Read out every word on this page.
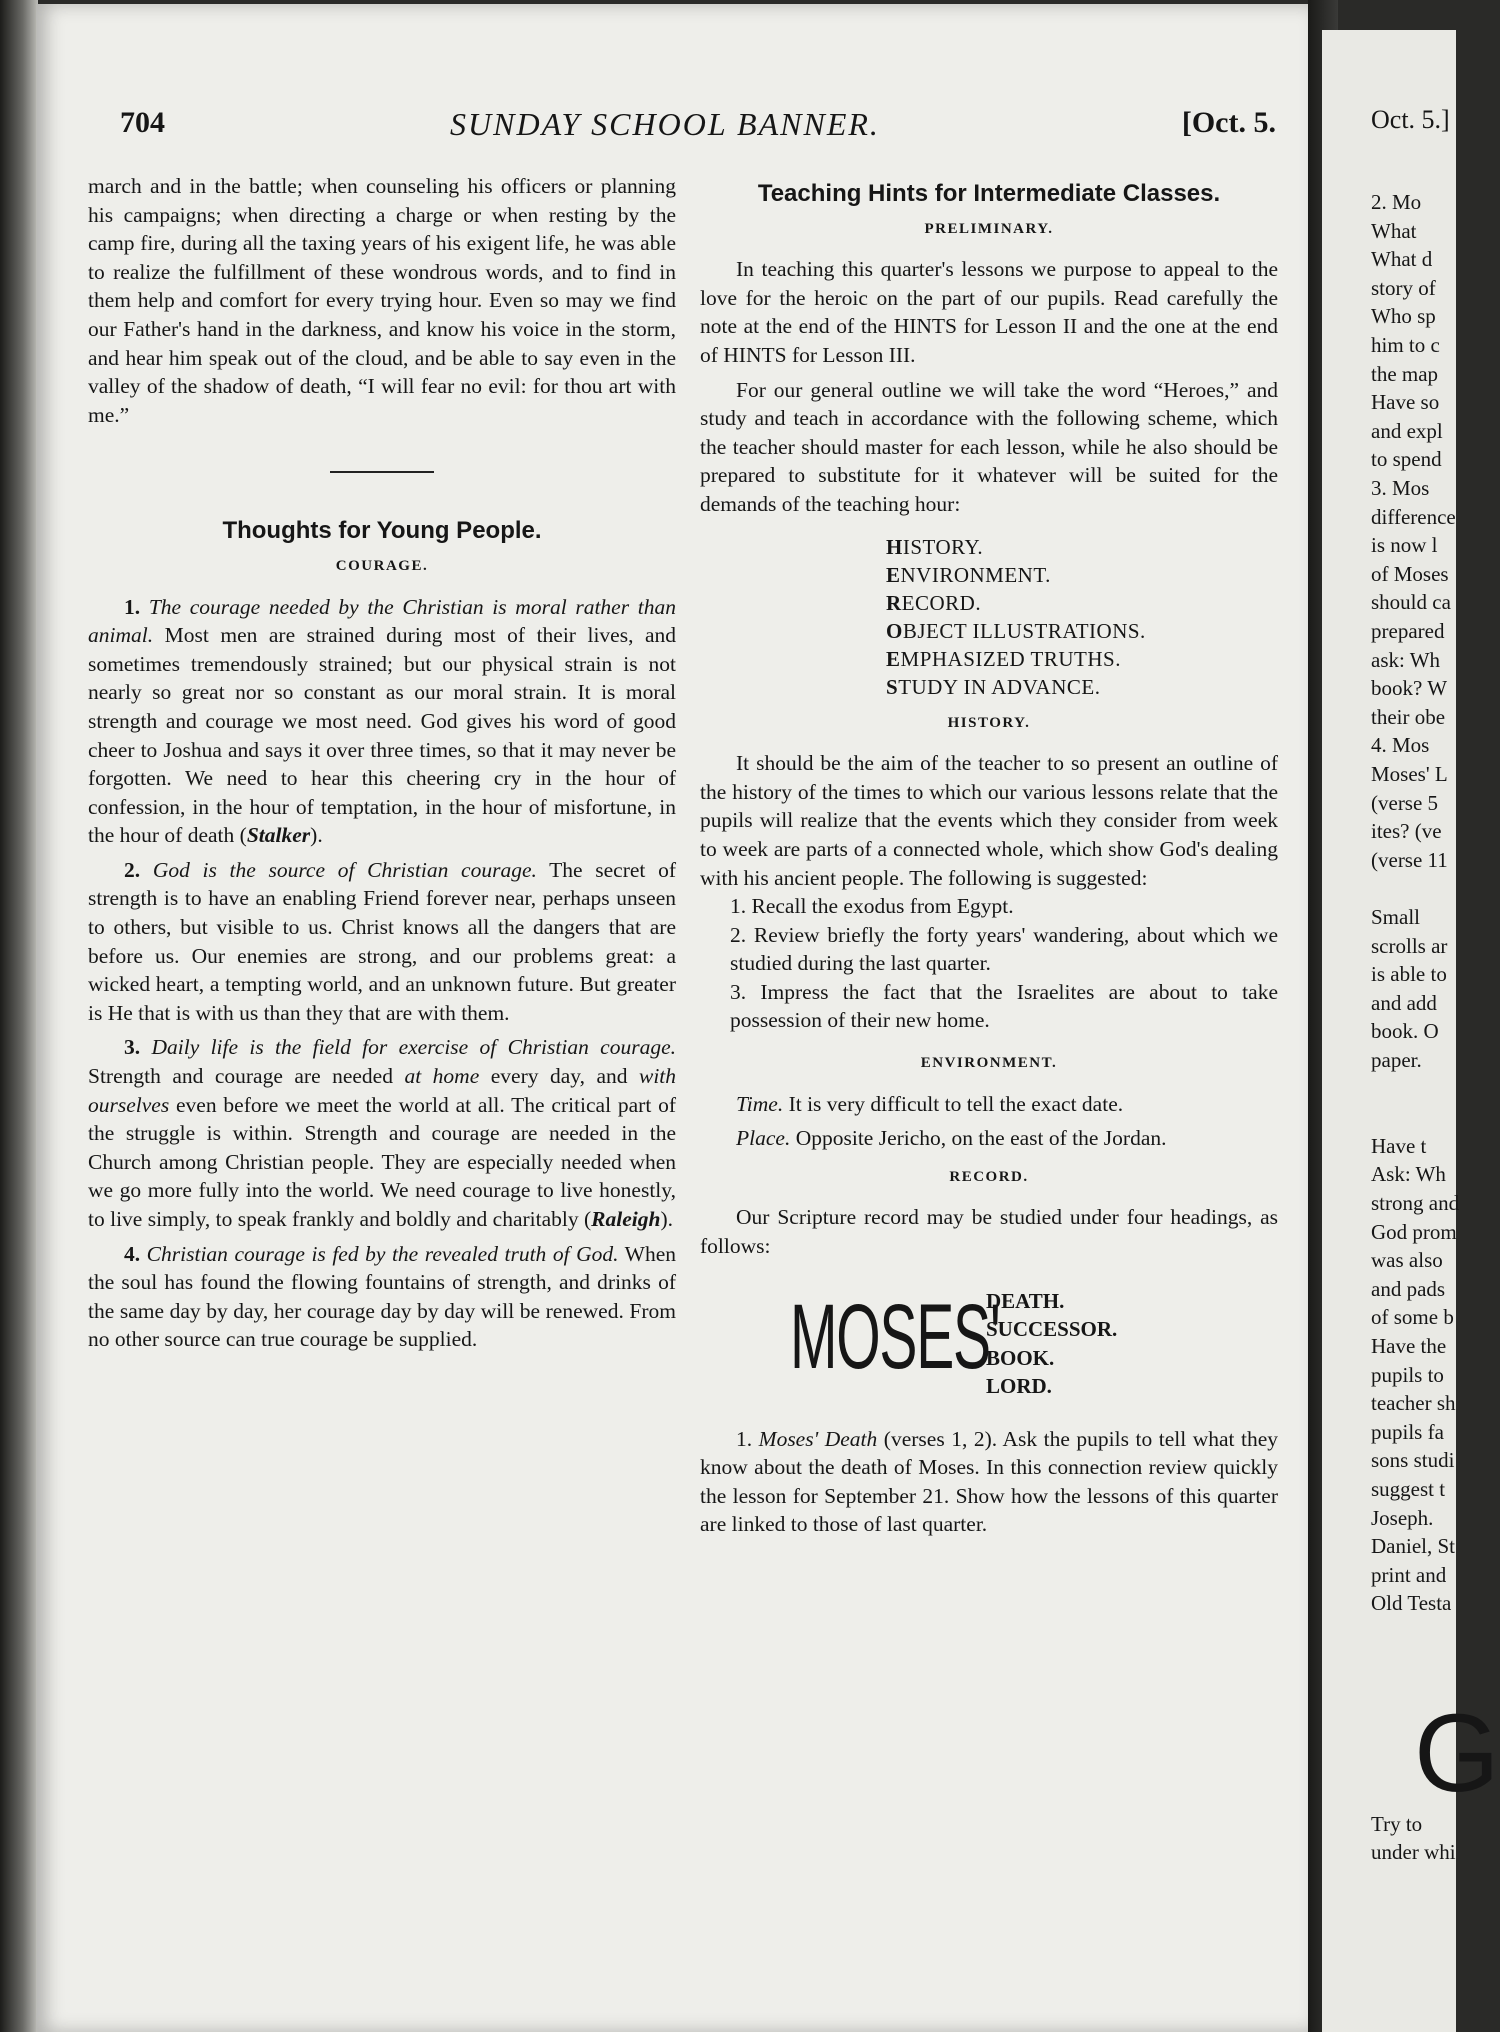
704	SUNDAY SCHOOL BANNER.	[Oct. 5.

march and in the battle; when counseling his officers or planning his campaigns; when directing a charge or when resting by the camp fire, during all the taxing years of his exigent life, he was able to realize the fulfillment of these wondrous words, and to find in them help and comfort for every trying hour. Even so may we find our Father's hand in the darkness, and know his voice in the storm, and hear him speak out of the cloud, and be able to say even in the valley of the shadow of death, “I will fear no evil: for thou art with me.”

Thoughts for Young People.
COURAGE.

1. The courage needed by the Christian is moral rather than animal. Most men are strained during most of their lives, and sometimes tremendously strained; but our physical strain is not nearly so great nor so constant as our moral strain. It is moral strength and courage we most need. God gives his word of good cheer to Joshua and says it over three times, so that it may never be forgotten. We need to hear this cheering cry in the hour of confession, in the hour of temptation, in the hour of misfortune, in the hour of death (Stalker).

2. God is the source of Christian courage. The secret of strength is to have an enabling Friend forever near, perhaps unseen to others, but visible to us. Christ knows all the dangers that are before us. Our enemies are strong, and our problems great: a wicked heart, a tempting world, and an unknown future. But greater is He that is with us than they that are with them.

3. Daily life is the field for exercise of Christian courage. Strength and courage are needed at home every day, and with ourselves even before we meet the world at all. The critical part of the struggle is within. Strength and courage are needed in the Church among Christian people. They are especially needed when we go more fully into the world. We need courage to live honestly, to live simply, to speak frankly and boldly and charitably (Raleigh).

4. Christian courage is fed by the revealed truth of God. When the soul has found the flowing fountains of strength, and drinks of the same day by day, her courage day by day will be renewed. From no other source can true courage be supplied.

Teaching Hints for Intermediate Classes.
PRELIMINARY.

In teaching this quarter's lessons we purpose to appeal to the love for the heroic on the part of our pupils. Read carefully the note at the end of the HINTS for Lesson II and the one at the end of HINTS for Lesson III.

For our general outline we will take the word “Heroes,” and study and teach in accordance with the following scheme, which the teacher should master for each lesson, while he also should be prepared to substitute for it whatever will be suited for the demands of the teaching hour:

HISTORY.
ENVIRONMENT.
RECORD.
OBJECT ILLUSTRATIONS.
EMPHASIZED TRUTHS.
STUDY IN ADVANCE.
HISTORY.

It should be the aim of the teacher to so present an outline of the history of the times to which our various lessons relate that the pupils will realize that the events which they consider from week to week are parts of a connected whole, which show God's dealing with his ancient people. The following is suggested:

1. Recall the exodus from Egypt.

2. Review briefly the forty years' wandering, about which we studied during the last quarter.

3. Impress the fact that the Israelites are about to take possession of their new home.

ENVIRONMENT.

Time. It is very difficult to tell the exact date.

Place. Opposite Jericho, on the east of the Jordan.

RECORD.

Our Scripture record may be studied under four headings, as follows:

MOSES'
DEATH.
SUCCESSOR.
BOOK.
LORD.

1. Moses' Death (verses 1, 2). Ask the pupils to tell what they know about the death of Moses. In this connection review quickly the lesson for September 21. Show how the lessons of this quarter are linked to those of last quarter.

Oct. 5.]
2. Mo
What
What d
story of
Who sp
him to c
the map
Have so
and expl
to spend
3. Mos
difference
is now l
of Moses
should ca
prepared
ask: Wh
book? W
their obe
4. Mos
Moses' L
(verse 5
ites? (ve
(verse 11
Small
scrolls ar
is able to
and add
book. O
paper.
Have t
Ask: Wh
strong and
God prom
was also
and pads
of some b
Have the
pupils to
teacher sh
pupils fa
sons studi
suggest t
Joseph.
Daniel, St
print and
Old Testa
G
Try to
under whi
